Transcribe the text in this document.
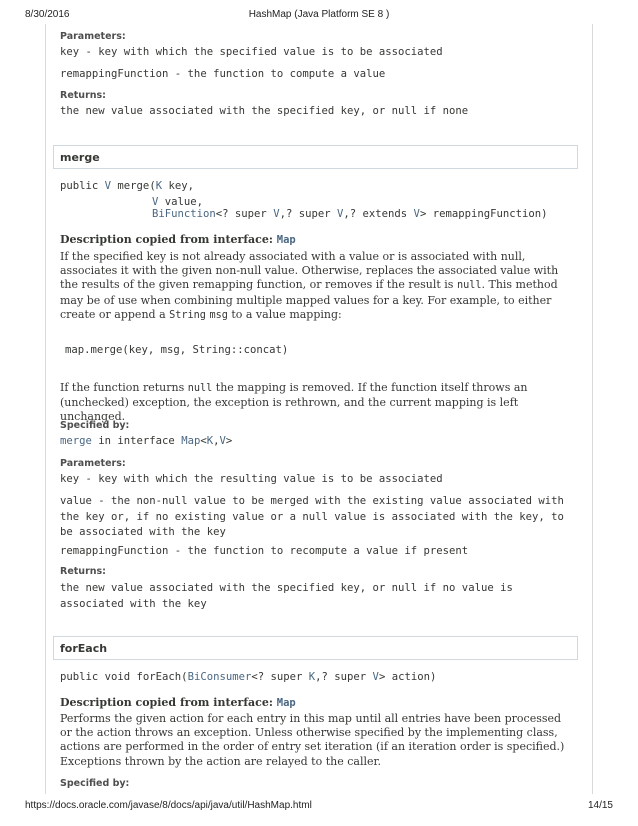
8/30/2016	HashMap (Java Platform SE 8 )
Parameters:
key - key with which the specified value is to be associated
remappingFunction - the function to compute a value
Returns:
the new value associated with the specified key, or null if none
merge
public V merge(K key,
V value,
BiFunction<? super V,? super V,? extends V> remappingFunction)
Description copied from interface: Map
If the specified key is not already associated with a value or is associated with null, associates it with the given non-null value. Otherwise, replaces the associated value with the results of the given remapping function, or removes if the result is null. This method may be of use when combining multiple mapped values for a key. For example, to either create or append a String msg to a value mapping:
map.merge(key, msg, String::concat)
If the function returns null the mapping is removed. If the function itself throws an (unchecked) exception, the exception is rethrown, and the current mapping is left unchanged.
Specified by:
merge in interface Map<K,V>
Parameters:
key - key with which the resulting value is to be associated
value - the non-null value to be merged with the existing value associated with the key or, if no existing value or a null value is associated with the key, to be associated with the key
remappingFunction - the function to recompute a value if present
Returns:
the new value associated with the specified key, or null if no value is associated with the key
forEach
public void forEach(BiConsumer<? super K,? super V> action)
Description copied from interface: Map
Performs the given action for each entry in this map until all entries have been processed or the action throws an exception. Unless otherwise specified by the implementing class, actions are performed in the order of entry set iteration (if an iteration order is specified.) Exceptions thrown by the action are relayed to the caller.
Specified by:
https://docs.oracle.com/javase/8/docs/api/java/util/HashMap.html	14/15
